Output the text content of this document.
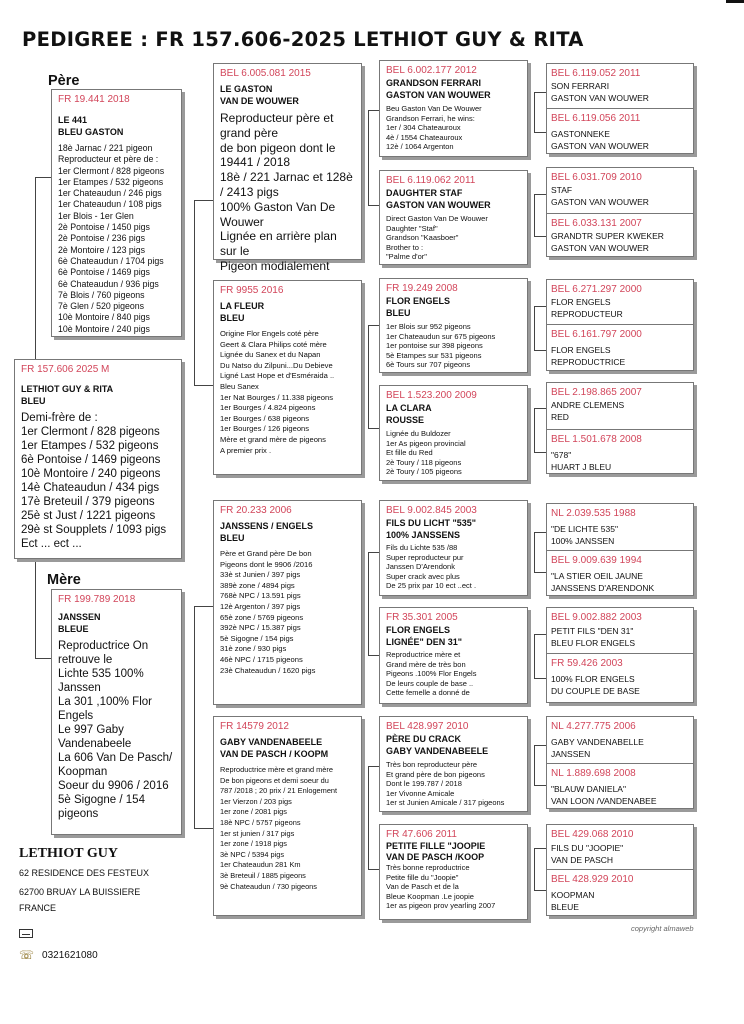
PEDIGREE : FR 157.606-2025 LETHIOT GUY & RITA
Père
FR 19.441 2018
LE 441
BLEU GASTON
18è Jarnac / 221 pigeon
Reproducteur et père de :
1er Clermont / 828 pigeons
1er Etampes / 532 pigeons
1er Chateaudun / 246 pigs
1er Chateaudun / 108 pigs
1er Blois - 1er Glen
2è Pontoise / 1450 pigs
2è Pontoise / 236 pigs
2è Montoire / 123 pigs
6è Chateaudun / 1704 pigs
6è Pontoise / 1469 pigs
6è Chateaudun / 936 pigs
7è Blois / 760 pigeons
7è Glen / 520 pigeons
10è Montoire / 840 pigs
10è Montoire / 240 pigs
FR 157.606 2025 M
LETHIOT GUY & RITA
BLEU
Demi-frère de :
1er Clermont / 828 pigeons
1er Etampes / 532 pigeons
6è Pontoise / 1469 pigeons
10è Montoire / 240 pigeons
14è Chateaudun / 434 pigs
17è Breteuil / 379 pigeons
25è st Just / 1221 pigeons
29è st Soupplets / 1093 pigs
Ect ... ect ...
Mère
FR 199.789 2018
JANSSEN
BLEUE
Reproductrice On
retrouve le
Lichte 535 100%
Janssen
La 301 ,100% Flor
Engels
Le 997 Gaby
Vandenabeele
La 606 Van De Pasch/
Koopman
Soeur du 9906 / 2016
5è Sigogne / 154
pigeons
BEL 6.005.081 2015
LE GASTON
VAN DE WOUWER
Reproducteur père et
grand père
de bon pigeon dont le
19441 / 2018
18è / 221 Jarnac et 128è
/ 2413 pigs
100% Gaston Van De
Wouwer
Lignée en arrière plan
sur le
Pigeon modialement
FR 9955 2016
LA FLEUR
BLEU
Origine Flor Engels coté père
Geert & Clara Philips coté mère
Lignée du Sanex et du Napan
Du Natso du Zilpuni...Du Debieve
Ligné Last Hope et d'Esméraida ..
Bleu Sanex
1er Nat Bourges / 11.338 pigeons
1er Bourges / 4.824 pigeons
1er Bourges / 638 pigeons
1er Bourges / 126 pigeons
Mère et grand mère de pigeons
A premier prix .
FR 20.233 2006
JANSSENS / ENGELS
BLEU
Père et Grand père De bon
Pigeons dont le 9906 /2016
33è st Junien / 397 pigs
389è zone / 4894 pigs
768è NPC / 13.591 pigs
12è Argenton / 397 pigs
65è zone / 5769 pigeons
392è NPC / 15.387 pigs
5è Sigogne / 154 pigs
31è zone / 930 pigs
46è NPC / 1715 pigeons
23è Chateaudun / 1620 pigs
FR 14579 2012
GABY VANDENABEELE
VAN DE PASCH / KOOPM
Reproductrice mère et grand mère
De bon pigeons et demi soeur du
787 /2018 ; 20 prix / 21 Enlogement
1er Vierzon / 203 pigs
1er zone / 2081 pigs
18è NPC / 5757 pigeons
1er st junien / 317 pigs
1er zone / 1918 pigs
3è NPC / 5394 pigs
1er Chateaudun 281 Km
3è Breteuil / 1885 pigeons
9è Chateaudun / 730 pigeons
BEL 6.002.177 2012
GRANDSON FERRARI
GASTON VAN WOUWER
Beu Gaston Van De Wouwer
Grandson Ferrari, he wins:
1er / 304 Chateauroux
4è / 1554 Chateauroux
12è / 1064 Argenton
BEL 6.119.062 2011
DAUGHTER STAF
GASTON VAN WOUWER
Direct Gaston Van De Wouwer
Daughter "Staf"
Grandson "Kaasboer"
Brother to :
"Palme d'or"
FR 19.249 2008
FLOR ENGELS
BLEU
1er Blois sur 952 pigeons
1er Chateaudun sur 675 pigeons
1er pontoise sur 398 pigeons
5è Etampes sur 531 pigeons
6è Tours sur 707 pigeons
BEL 1.523.200 2009
LA CLARA
ROUSSE
Lignée du Buldozer
1er As pigeon provincial
Et fille du Red
2è Toury / 118 pigeons
2è Toury / 105 pigeons
BEL 9.002.845 2003
FILS DU LICHT "535"
100% JANSSENS
Fils du Lichte 535 /88
Super reproducteur pur
Janssen D'Arendonk
Super crack avec plus
De 25 prix par 10 ect ..ect .
FR 35.301 2005
FLOR ENGELS
LIGNÉE" DEN 31"
Reproductrice mère et
Grand mère de très bon
Pigeons .100% Flor Engels
De leurs couple de base ..
Cette femelle a donné de
BEL 428.997 2010
PÈRE DU CRACK
GABY VANDENABEELE
Très bon reproducteur père
Et grand père de bon pigeons
Dont le 199.787 / 2018
1er Vivonne Amicale
1er st Junien Amicale / 317 pigeons
FR 47.606 2011
PETITE FILLE "JOOPIE
VAN DE PASCH /KOOP
Très bonne reproductrice
Petite fille du "Joopie"
Van de Pasch et de la
Bleue Koopman .Le joopie
1er as pigeon prov yearling 2007
BEL 6.119.052 2011
SON FERRARI
GASTON VAN WOUWER
BEL 6.119.056 2011
GASTONNEKE
GASTON VAN WOUWER
BEL 6.031.709 2010
STAF
GASTON VAN WOUWER
BEL 6.033.131 2007
GRANDTR SUPER KWEKER
GASTON VAN WOUWER
BEL 6.271.297 2000
FLOR ENGELS
REPRODUCTEUR
BEL 6.161.797 2000
FLOR ENGELS
REPRODUCTRICE
BEL 2.198.865 2007
ANDRE CLEMENS
RED
BEL 1.501.678 2008
"678"
HUART J BLEU
NL 2.039.535 1988
"DE LICHTE 535"
100% JANSSEN
BEL 9.009.639 1994
"LA STIER OEIL JAUNE
JANSSENS D'ARENDONK
BEL 9.002.882 2003
PETIT FILS "DEN 31"
BLEU FLOR ENGELS
FR 59.426 2003
100% FLOR ENGELS
DU COUPLE DE BASE
NL 4.277.775 2006
GABY VANDENABELLE
JANSSEN
NL 1.889.698 2008
"BLAUW DANIELA"
VAN LOON /VANDENABEE
BEL 429.068 2010
FILS DU "JOOPIE"
VAN DE PASCH
BEL 428.929 2010
KOOPMAN
BLEUE
copyright almaweb
LETHIOT GUY
62 RESIDENCE DES FESTEUX
62700 BRUAY LA BUISSIERE
FRANCE
☏ 0321621080
